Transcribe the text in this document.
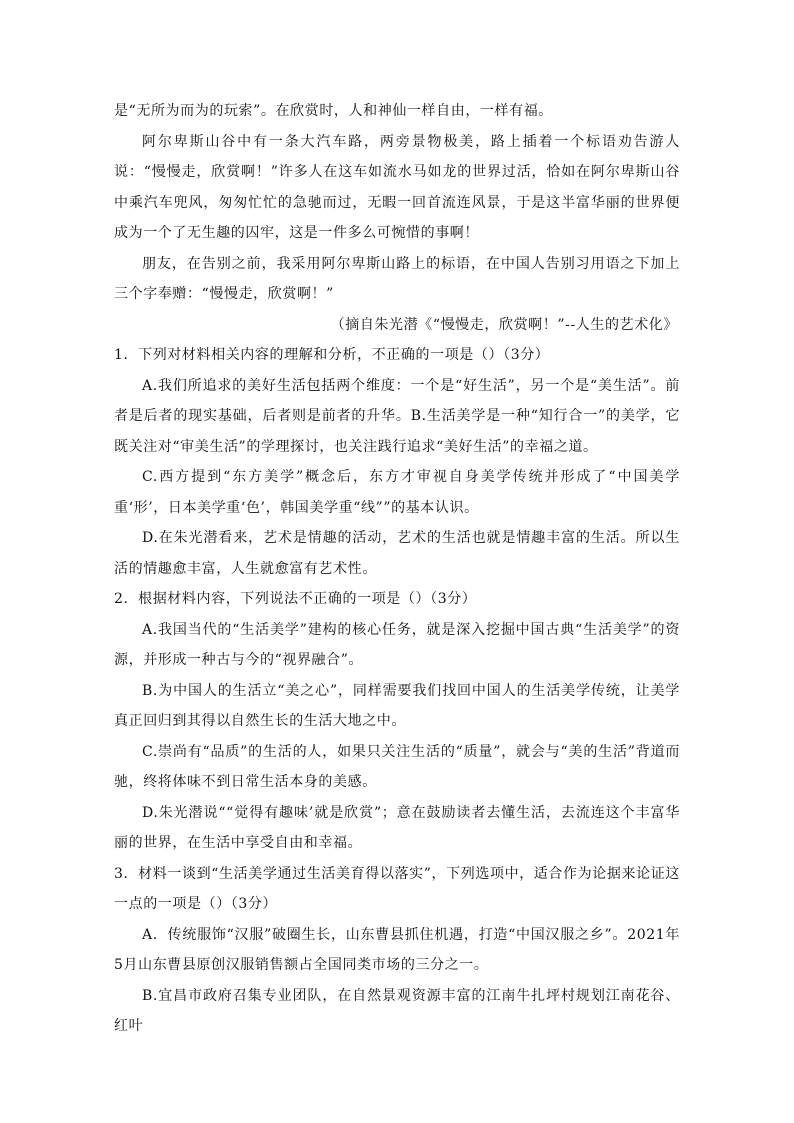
是“无所为而为的玩索”。在欣赏时，人和神仙一样自由，一样有福。

阿尔卑斯山谷中有一条大汽车路，两旁景物极美，路上插着一个标语劝告游人说：“慢慢走，欣赏啊！”许多人在这车如流水马如龙的世界过活，恰如在阿尔卑斯山谷中乘汽车兜风，匆匆忙忙的急驰而过，无暇一回首流连风景，于是这半富华丽的世界便成为一个了无生趣的囚牢，这是一件多么可惋惜的事啊！

朋友，在告别之前，我采用阿尔卑斯山路上的标语，在中国人告别习用语之下加上三个字奉赠：“慢慢走，欣赏啊！”

（摘自朱光潜《“慢慢走，欣赏啊！”--人生的艺术化》

1．下列对材料相关内容的理解和分析，不正确的一项是（）（3分）

A.我们所追求的美好生活包括两个维度：一个是“好生活”，另一个是“美生活”。前者是后者的现实基础，后者则是前者的升华。B.生活美学是一种“知行合一”的美学，它既关注对“审美生活”的学理探讨，也关注践行追求“美好生活”的幸福之道。

C.西方提到“东方美学”概念后，东方才审视自身美学传统并形成了“中国美学重‘形’，日本美学重‘色’，韩国美学重“线””的基本认识。

D.在朱光潜看来，艺术是情趣的活动，艺术的生活也就是情趣丰富的生活。所以生活的情趣愈丰富，人生就愈富有艺术性。

2．根据材料内容，下列说法不正确的一项是（）（3分）

A.我国当代的“生活美学”建构的核心任务，就是深入挖掘中国古典“生活美学”的资源，并形成一种古与今的“视界融合”。

B.为中国人的生活立“美之心”，同样需要我们找回中国人的生活美学传统，让美学真正回归到其得以自然生长的生活大地之中。

C.崇尚有“品质”的生活的人，如果只关注生活的“质量”，就会与“美的生活”背道而驰，终将体味不到日常生活本身的美感。

D.朱光潜说““觉得有趣味’就是欣赏”；意在鼓励读者去懂生活，去流连这个丰富华丽的世界，在生活中享受自由和幸福。

3．材料一谈到“生活美学通过生活美育得以落实”，下列选项中，适合作为论据来论证这一点的一项是（）（3分）

A．传统服饰“汉服”破圈生长，山东曹县抓住机遇，打造“中国汉服之乡”。2021年5月山东曹县原创汉服销售额占全国同类市场的三分之一。

B.宜昌市政府召集专业团队，在自然景观资源丰富的江南牛扎坪村规划江南花谷、红叶
